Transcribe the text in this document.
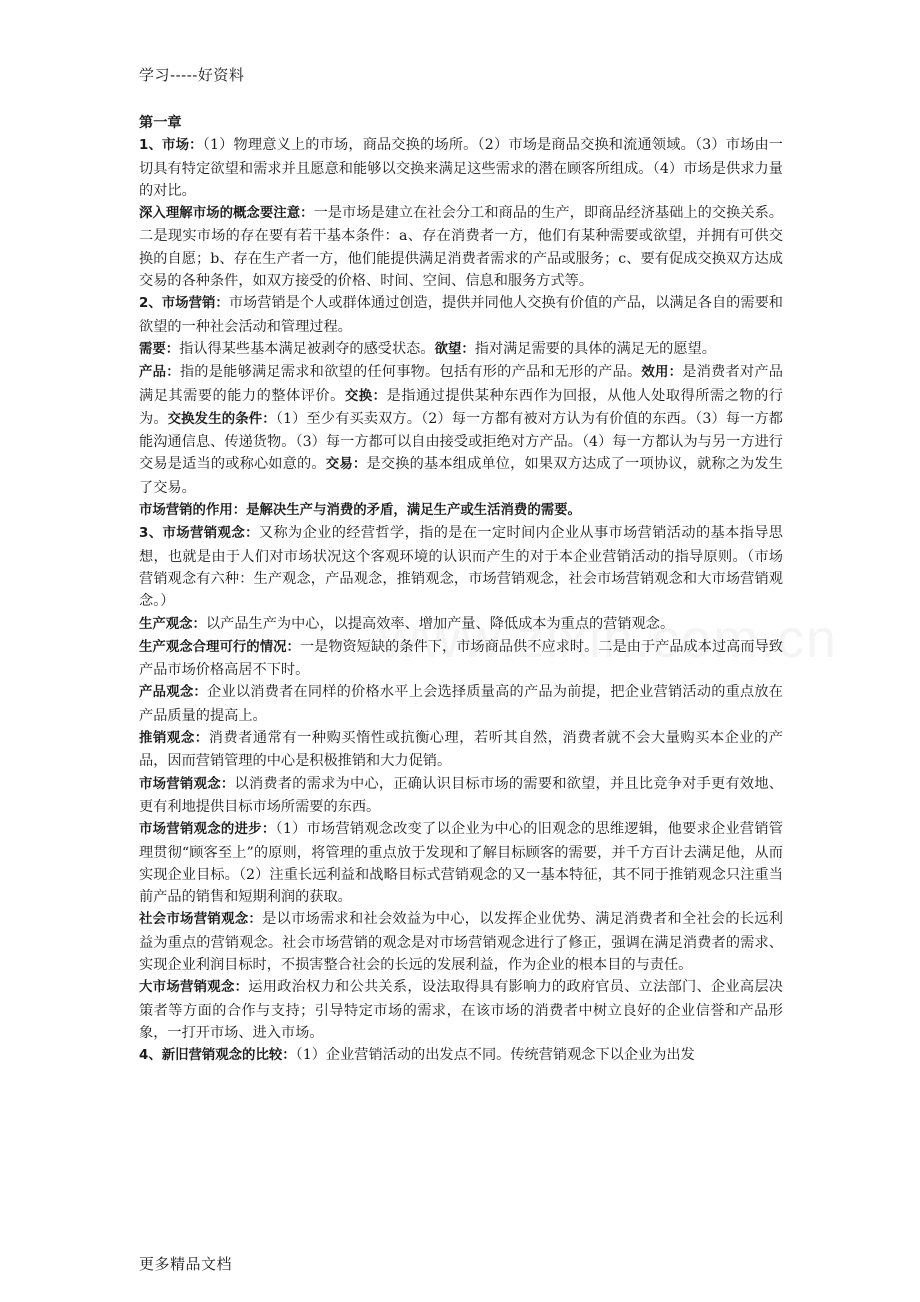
学习-----好资料

第一章

1、市场：（1）物理意义上的市场，商品交换的场所。（2）市场是商品交换和流通领域。（3）市场由一切具有特定欲望和需求并且愿意和能够以交换来满足这些需求的潜在顾客所组成。（4）市场是供求力量的对比。

深入理解市场的概念要注意：一是市场是建立在社会分工和商品的生产，即商品经济基础上的交换关系。二是现实市场的存在要有若干基本条件：a、存在消费者一方，他们有某种需要或欲望，并拥有可供交换的自愿；b、存在生产者一方，他们能提供满足消费者需求的产品或服务；c、要有促成交换双方达成交易的各种条件，如双方接受的价格、时间、空间、信息和服务方式等。

2、市场营销：市场营销是个人或群体通过创造，提供并同他人交换有价值的产品，以满足各自的需要和欲望的一种社会活动和管理过程。

需要：指认得某些基本满足被剥夺的感受状态。欲望：指对满足需要的具体的满足无的愿望。

产品：指的是能够满足需求和欲望的任何事物。包括有形的产品和无形的产品。效用：是消费者对产品满足其需要的能力的整体评价。交换：是指通过提供某种东西作为回报，从他人处取得所需之物的行为。交换发生的条件：（1）至少有买卖双方。（2）每一方都有被对方认为有价值的东西。（3）每一方都能沟通信息、传递货物。（3）每一方都可以自由接受或拒绝对方产品。（4）每一方都认为与另一方进行交易是适当的或称心如意的。交易：是交换的基本组成单位，如果双方达成了一项协议，就称之为发生了交易。

市场营销的作用：是解决生产与消费的矛盾，满足生产或生活消费的需要。

3、市场营销观念：又称为企业的经营哲学，指的是在一定时间内企业从事市场营销活动的基本指导思想，也就是由于人们对市场状况这个客观环境的认识而产生的对于本企业营销活动的指导原则。（市场营销观念有六种：生产观念，产品观念，推销观念，市场营销观念，社会市场营销观念和大市场营销观念。）

生产观念：以产品生产为中心，以提高效率、增加产量、降低成本为重点的营销观念。

生产观念合理可行的情况：一是物资短缺的条件下，市场商品供不应求时。二是由于产品成本过高而导致产品市场价格高居不下时。

产品观念：企业以消费者在同样的价格水平上会选择质量高的产品为前提，把企业营销活动的重点放在产品质量的提高上。

推销观念：消费者通常有一种购买惰性或抗衡心理，若听其自然，消费者就不会大量购买本企业的产品，因而营销管理的中心是积极推销和大力促销。

市场营销观念：以消费者的需求为中心，正确认识目标市场的需要和欲望，并且比竞争对手更有效地、更有利地提供目标市场所需要的东西。

市场营销观念的进步：（1）市场营销观念改变了以企业为中心的旧观念的思维逻辑，他要求企业营销管理贯彻“顾客至上”的原则，将管理的重点放于发现和了解目标顾客的需要，并千方百计去满足他，从而实现企业目标。（2）注重长远利益和战略目标式营销观念的又一基本特征，其不同于推销观念只注重当前产品的销售和短期利润的获取。

社会市场营销观念：是以市场需求和社会效益为中心，以发挥企业优势、满足消费者和全社会的长远利益为重点的营销观念。社会市场营销的观念是对市场营销观念进行了修正，强调在满足消费者的需求、实现企业利润目标时，不损害整合社会的长远的发展利益，作为企业的根本目的与责任。

大市场营销观念：运用政治权力和公共关系，设法取得具有影响力的政府官员、立法部门、企业高层决策者等方面的合作与支持；引导特定市场的需求，在该市场的消费者中树立良好的企业信誉和产品形象，一打开市场、进入市场。

4、新旧营销观念的比较：（1）企业营销活动的出发点不同。传统营销观念下以企业为出发

更多精品文档
